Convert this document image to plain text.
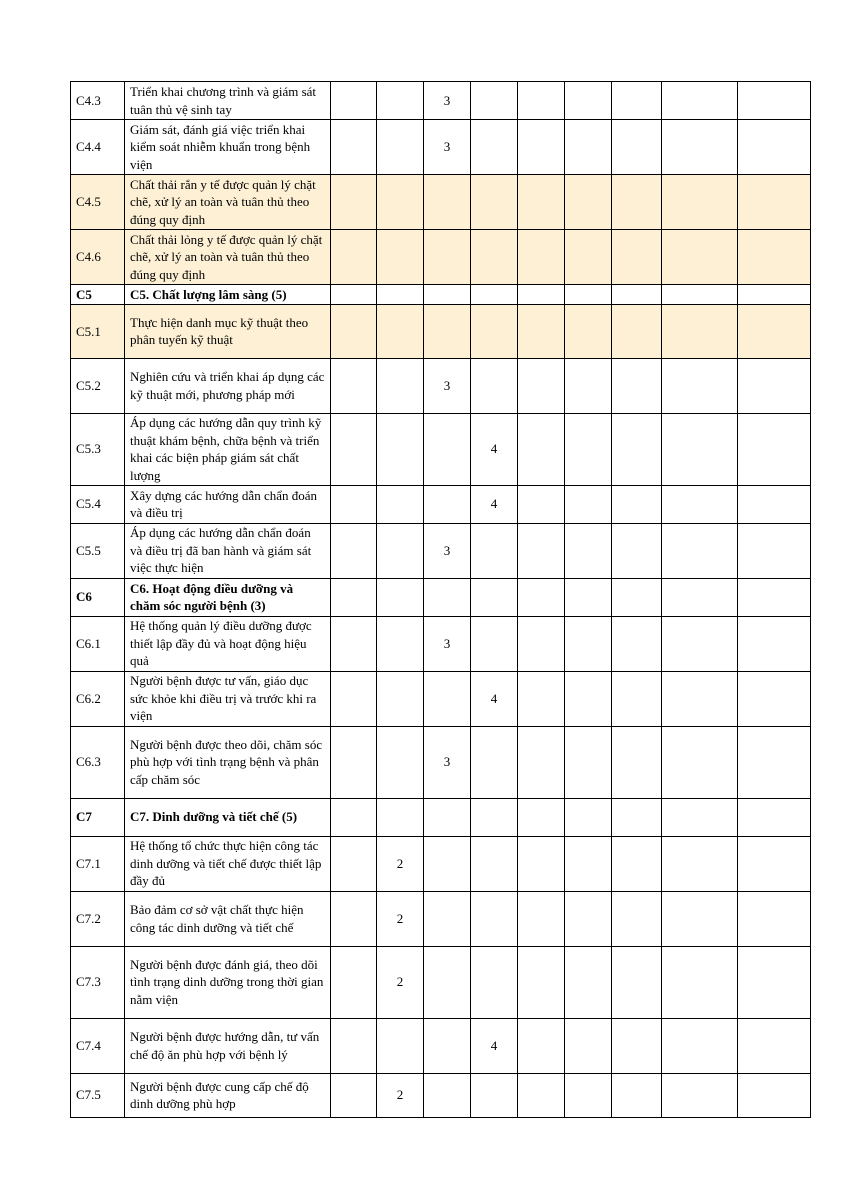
C4.3	Triển khai chương trình và giám sát tuân thủ vệ sinh tay			3							
C4.4	Giám sát, đánh giá việc triển khai kiểm soát nhiễm khuẩn trong bệnh viện			3							
C4.5	Chất thải rắn y tế được quản lý chặt chẽ, xử lý an toàn và tuân thủ theo đúng quy định										
C4.6	Chất thải lỏng y tế được quản lý chặt chẽ, xử lý an toàn và tuân thủ theo đúng quy định										
C5	C5. Chất lượng lâm sàng (5)										
C5.1	Thực hiện danh mục kỹ thuật theo phân tuyến kỹ thuật										
C5.2	Nghiên cứu và triển khai áp dụng các kỹ thuật mới, phương pháp mới			3							
C5.3	Áp dụng các hướng dẫn quy trình kỹ thuật khám bệnh, chữa bệnh và triển khai các biện pháp giám sát chất lượng				4						
C5.4	Xây dựng các hướng dẫn chẩn đoán và điều trị				4						
C5.5	Áp dụng các hướng dẫn chẩn đoán và điều trị đã ban hành và giám sát việc thực hiện			3							
C6	C6. Hoạt động điều dưỡng và chăm sóc người bệnh (3)										
C6.1	Hệ thống quản lý điều dưỡng được thiết lập đầy đủ và hoạt động hiệu quả			3							
C6.2	Người bệnh được tư vấn, giáo dục sức khỏe khi điều trị và trước khi ra viện				4						
C6.3	Người bệnh được theo dõi, chăm sóc phù hợp với tình trạng bệnh và phân cấp chăm sóc			3							
C7	C7. Dinh dưỡng và tiết chế (5)										
C7.1	Hệ thống tổ chức thực hiện công tác dinh dưỡng và tiết chế được thiết lập đầy đủ		2								
C7.2	Bảo đảm cơ sở vật chất thực hiện công tác dinh dưỡng và tiết chế		2								
C7.3	Người bệnh được đánh giá, theo dõi tình trạng dinh dưỡng trong thời gian nằm viện		2								
C7.4	Người bệnh được hướng dẫn, tư vấn chế độ ăn phù hợp với bệnh lý				4						
C7.5	Người bệnh được cung cấp chế độ dinh dưỡng phù hợp		2								
